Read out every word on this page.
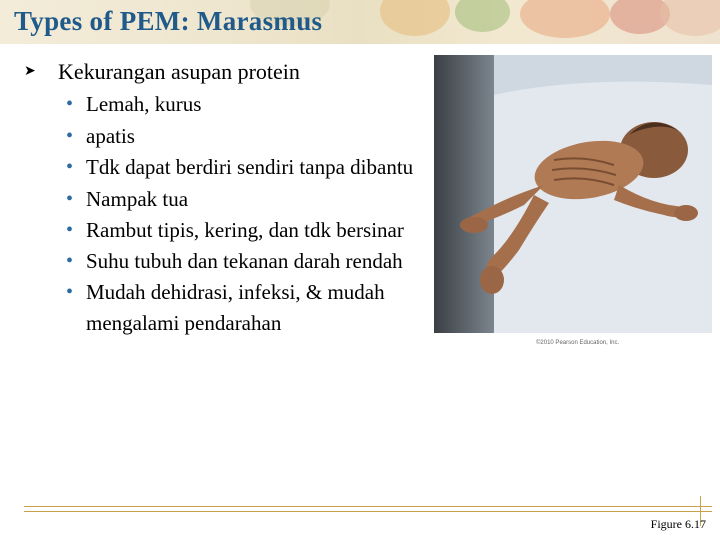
Types of PEM: Marasmus
➤ Kekurangan asupan protein
• Lemah, kurus
• apatis
• Tdk dapat berdiri sendiri tanpa dibantu
• Nampak tua
• Rambut tipis, kering, dan tdk bersinar
• Suhu tubuh dan tekanan darah rendah
• Mudah dehidrasi, infeksi, & mudah mengalami pendarahan
©2010 Pearson Education, Inc.
Figure 6.17
